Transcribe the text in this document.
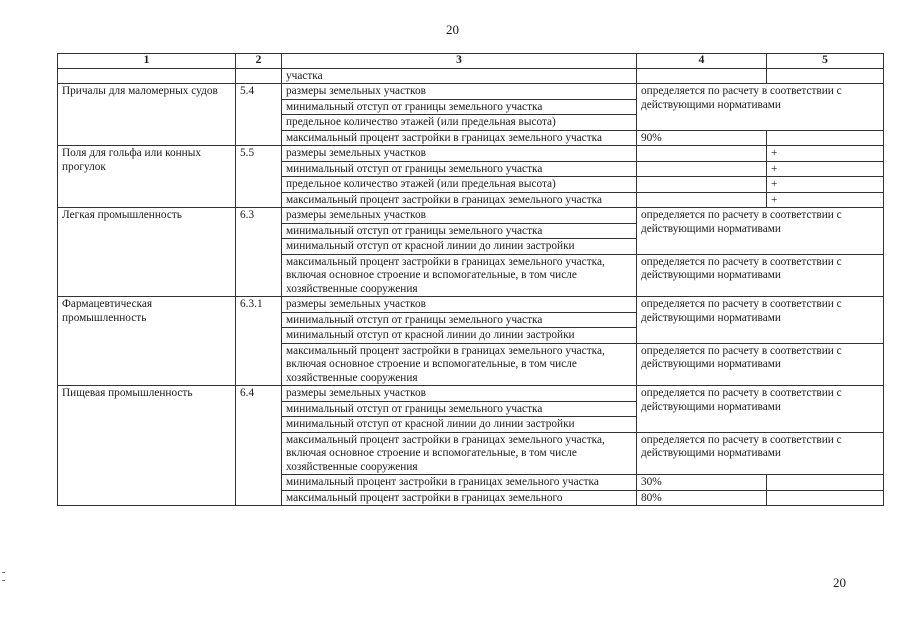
20
1	2	3	4	5
		участка		
Причалы для маломерных судов	5.4	размеры земельных участков	определяется по расчету в соответствии с действующими нормативами	
		минимальный отступ от границы земельного участка		
		предельное количество этажей (или предельная высота)		
		максимальный процент застройки в границах земельного участка	90%	
Поля для гольфа или конных прогулок	5.5	размеры земельных участков		+
		минимальный отступ от границы земельного участка		+
		предельное количество этажей (или предельная высота)		+
		максимальный процент застройки в границах земельного участка		+
Легкая промышленность	6.3	размеры земельных участков	определяется по расчету в соответствии с действующими нормативами	
		минимальный отступ от границы земельного участка		
		минимальный отступ от красной линии до линии застройки		
		максимальный процент застройки в границах земельного участка, включая основное строение и вспомогательные, в том числе хозяйственные сооружения	определяется по расчету в соответствии с действующими нормативами	
Фармацевтическая промышленность	6.3.1	размеры земельных участков	определяется по расчету в соответствии с действующими нормативами	
		минимальный отступ от границы земельного участка		
		минимальный отступ от красной линии до линии застройки		
		максимальный процент застройки в границах земельного участка, включая основное строение и вспомогательные, в том числе хозяйственные сооружения	определяется по расчету в соответствии с действующими нормативами	
Пищевая промышленность	6.4	размеры земельных участков	определяется по расчету в соответствии с действующими нормативами	
		минимальный отступ от границы земельного участка		
		минимальный отступ от красной линии до линии застройки		
		максимальный процент застройки в границах земельного участка, включая основное строение и вспомогательные, в том числе хозяйственные сооружения	определяется по расчету в соответствии с действующими нормативами	
		минимальный процент застройки в границах земельного участка	30%	
		максимальный процент застройки в границах земельного	80%	
20
